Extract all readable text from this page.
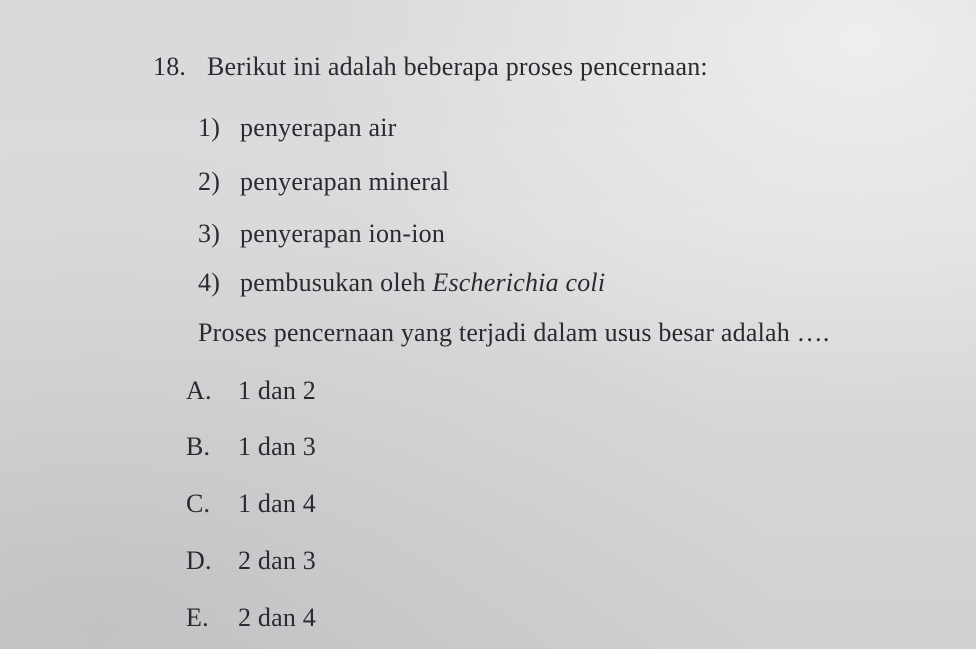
18. Berikut ini adalah beberapa proses pencernaan:
1) penyerapan air
2) penyerapan mineral
3) penyerapan ion-ion
4) pembusukan oleh Escherichia coli
Proses pencernaan yang terjadi dalam usus besar adalah ….
A. 1 dan 2
B. 1 dan 3
C. 1 dan 4
D. 2 dan 3
E. 2 dan 4
